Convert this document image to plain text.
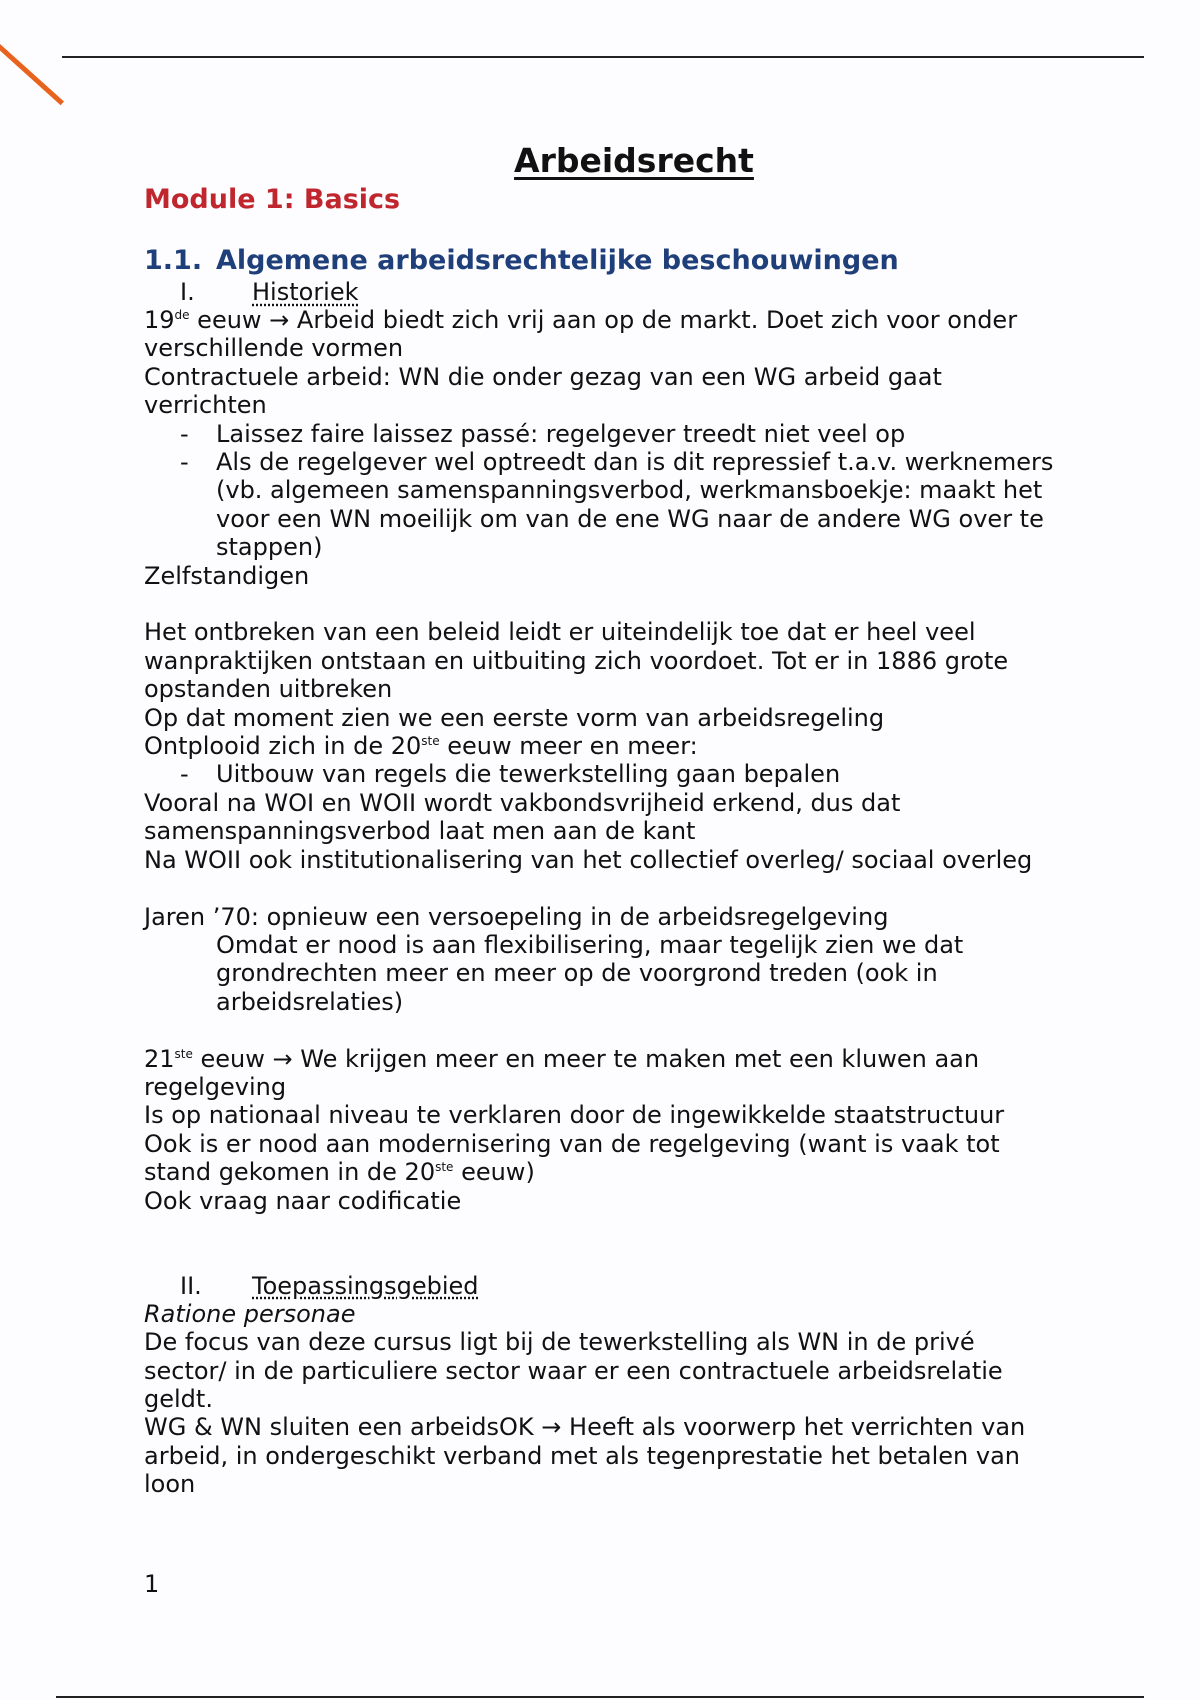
Arbeidsrecht
Module 1: Basics
1.1. Algemene arbeidsrechtelijke beschouwingen
I.	Historiek

19de eeuw → Arbeid biedt zich vrij aan op de markt. Doet zich voor onder verschillende vormen

Contractuele arbeid: WN die onder gezag van een WG arbeid gaat verrichten

-	Laissez faire laissez passé: regelgever treedt niet veel op
-	Als de regelgever wel optreedt dan is dit repressief t.a.v. werknemers (vb. algemeen samenspanningsverbod, werkmansboekje: maakt het voor een WN moeilijk om van de ene WG naar de andere WG over te stappen)

Zelfstandigen

Het ontbreken van een beleid leidt er uiteindelijk toe dat er heel veel wanpraktijken ontstaan en uitbuiting zich voordoet. Tot er in 1886 grote opstanden uitbreken

Op dat moment zien we een eerste vorm van arbeidsregeling

Ontplooid zich in de 20ste eeuw meer en meer:

-	Uitbouw van regels die tewerkstelling gaan bepalen

Vooral na WOI en WOII wordt vakbondsvrijheid erkend, dus dat samenspanningsverbod laat men aan de kant

Na WOII ook institutionalisering van het collectief overleg/ sociaal overleg

Jaren ’70: opnieuw een versoepeling in de arbeidsregelgeving

Omdat er nood is aan flexibilisering, maar tegelijk zien we dat grondrechten meer en meer op de voorgrond treden (ook in arbeidsrelaties)

21ste eeuw → We krijgen meer en meer te maken met een kluwen aan regelgeving

Is op nationaal niveau te verklaren door de ingewikkelde staatstructuur

Ook is er nood aan modernisering van de regelgeving (want is vaak tot stand gekomen in de 20ste eeuw)

Ook vraag naar codificatie

II.	Toepassingsgebied

Ratione personae

De focus van deze cursus ligt bij de tewerkstelling als WN in de privé sector/ in de particuliere sector waar er een contractuele arbeidsrelatie geldt.

WG & WN sluiten een arbeidsOK → Heeft als voorwerp het verrichten van arbeid, in ondergeschikt verband met als tegenprestatie het betalen van loon

1
